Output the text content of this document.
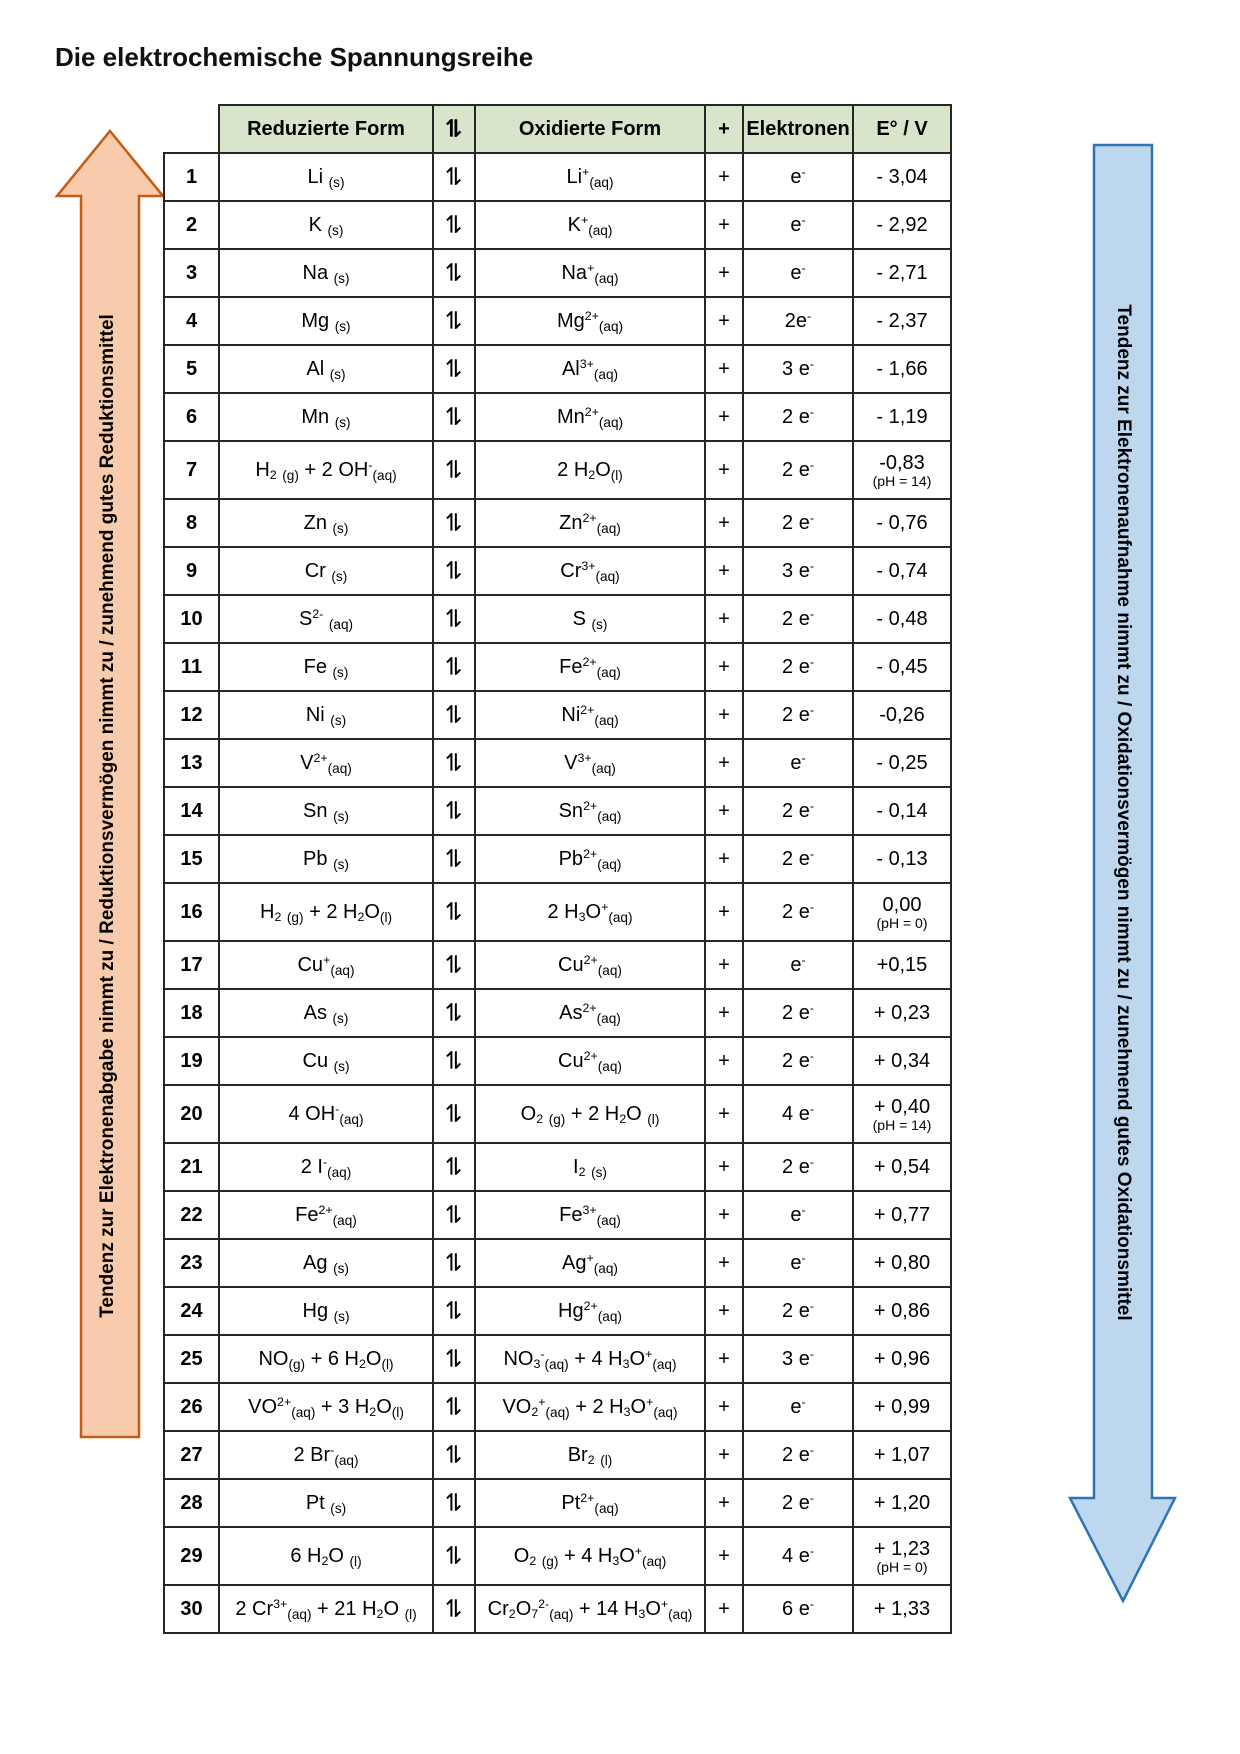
Die elektrochemische Spannungsreihe
Tendenz zur Elektronenabgabe nimmt zu / Reduktionsvermögen nimmt zu / zunehmend gutes Reduktionsmittel	Tendenz zur Elektronenaufnahme nimmt zu / Oxidationsvermögen nimmt zu / zunehmend gutes Oxidationsmittel
	Reduzierte Form	⇌	Oxidierte Form	+	Elektronen	E° / V
1	Li $_{(s)}$	⇌	$Li^+_{(aq)}$	+	e-	- 3,04

2	K $_{(s)}$	⇌	$K^+_{(aq)}$	+	e-	- 2,92

3	Na $_{(s)}$	⇌	$Na^+_{(aq)}$	+	e-	- 2,71

4	Mg $_{(s)}$	⇌	$Mg^{2+}_{(aq)}$	+	2e-	- 2,37

5	Al $_{(s)}$	⇌	$Al^{3+}_{(aq)}$	+	3 e-	- 1,66

6	Mn $_{(s)}$	⇌	$Mn^{2+}_{(aq)}$	+	2 e-	- 1,19

7	$H_2$ $_{(g)}$ + 2 $OH^-_{(aq)}$	⇌	2 $H_2O_{(l)}$	+	2 e-	-0,83
(pH = 14)

8	Zn $_{(s)}$	⇌	$Zn^{2+}_{(aq)}$	+	2 e-	- 0,76

9	Cr $_{(s)}$	⇌	$Cr^{3+}_{(aq)}$	+	3 e-	- 0,74

10	$S^{2-}$ $_{(aq)}$	⇌	S $_{(s)}$	+	2 e-	- 0,48

11	Fe $_{(s)}$	⇌	$Fe^{2+}_{(aq)}$	+	2 e-	- 0,45

12	Ni $_{(s)}$	⇌	$Ni^{2+}_{(aq)}$	+	2 e-	-0,26

13	$V^{2+}_{(aq)}$	⇌	$V^{3+}_{(aq)}$	+	e-	- 0,25

14	Sn $_{(s)}$	⇌	$Sn^{2+}_{(aq)}$	+	2 e-	- 0,14

15	Pb $_{(s)}$	⇌	$Pb^{2+}_{(aq)}$	+	2 e-	- 0,13

16	$H_2$ $_{(g)}$ + 2 $H_2O_{(l)}$	⇌	2 $H_3O^+_{(aq)}$	+	2 e-	0,00
(pH = 0)

17	$Cu^+_{(aq)}$	⇌	$Cu^{2+}_{(aq)}$	+	e-	+0,15

18	As $_{(s)}$	⇌	$As^{2+}_{(aq)}$	+	2 e-	+ 0,23

19	Cu $_{(s)}$	⇌	$Cu^{2+}_{(aq)}$	+	2 e-	+ 0,34

20	4 $OH^-_{(aq)}$	⇌	$O_2$ $_{(g)}$ + 2 $H_2O$ $_{(l)}$	+	4 e-	+ 0,40
(pH = 14)

21	2 $I^-_{(aq)}$	⇌	$I_2$ $_{(s)}$	+	2 e-	+ 0,54

22	$Fe^{2+}_{(aq)}$	⇌	$Fe^{3+}_{(aq)}$	+	e-	+ 0,77

23	Ag $_{(s)}$	⇌	$Ag^+_{(aq)}$	+	e-	+ 0,80

24	Hg $_{(s)}$	⇌	$Hg^{2+}_{(aq)}$	+	2 e-	+ 0,86

25	$NO_{(g)} + 6$ $H_2O_{(l)}$	⇌	$NO_3^-_{(aq)} + 4$ $H_3O^+_{(aq)}$	+	3 e-	+ 0,96

26	$VO^{2+}_{(aq)} + 3$ $H_2O_{(l)}$	⇌	$VO_2^+_{(aq)} + 2$ $H_3O^+_{(aq)}$	+	e-	+ 0,99

27	2 $Br^-_{(aq)}$	⇌	$Br_2$ $_{(l)}$	+	2 e-	+ 1,07

28	Pt $_{(s)}$	⇌	$Pt^{2+}_{(aq)}$	+	2 e-	+ 1,20

29	6 $H_2O$ $_{(l)}$	⇌	$O_2$ $_{(g)}$ + 4 $H_3O^+_{(aq)}$	+	4 e-	+ 1,23
(pH = 0)

30	2 $Cr^{3+}_{(aq)} + 21$ $H_2O$ $_{(l)}$	⇌	$Cr_2O_7^{2-}_{(aq)} + 14$ $H_3O^+_{(aq)}$	+	6 e-	+ 1,33
